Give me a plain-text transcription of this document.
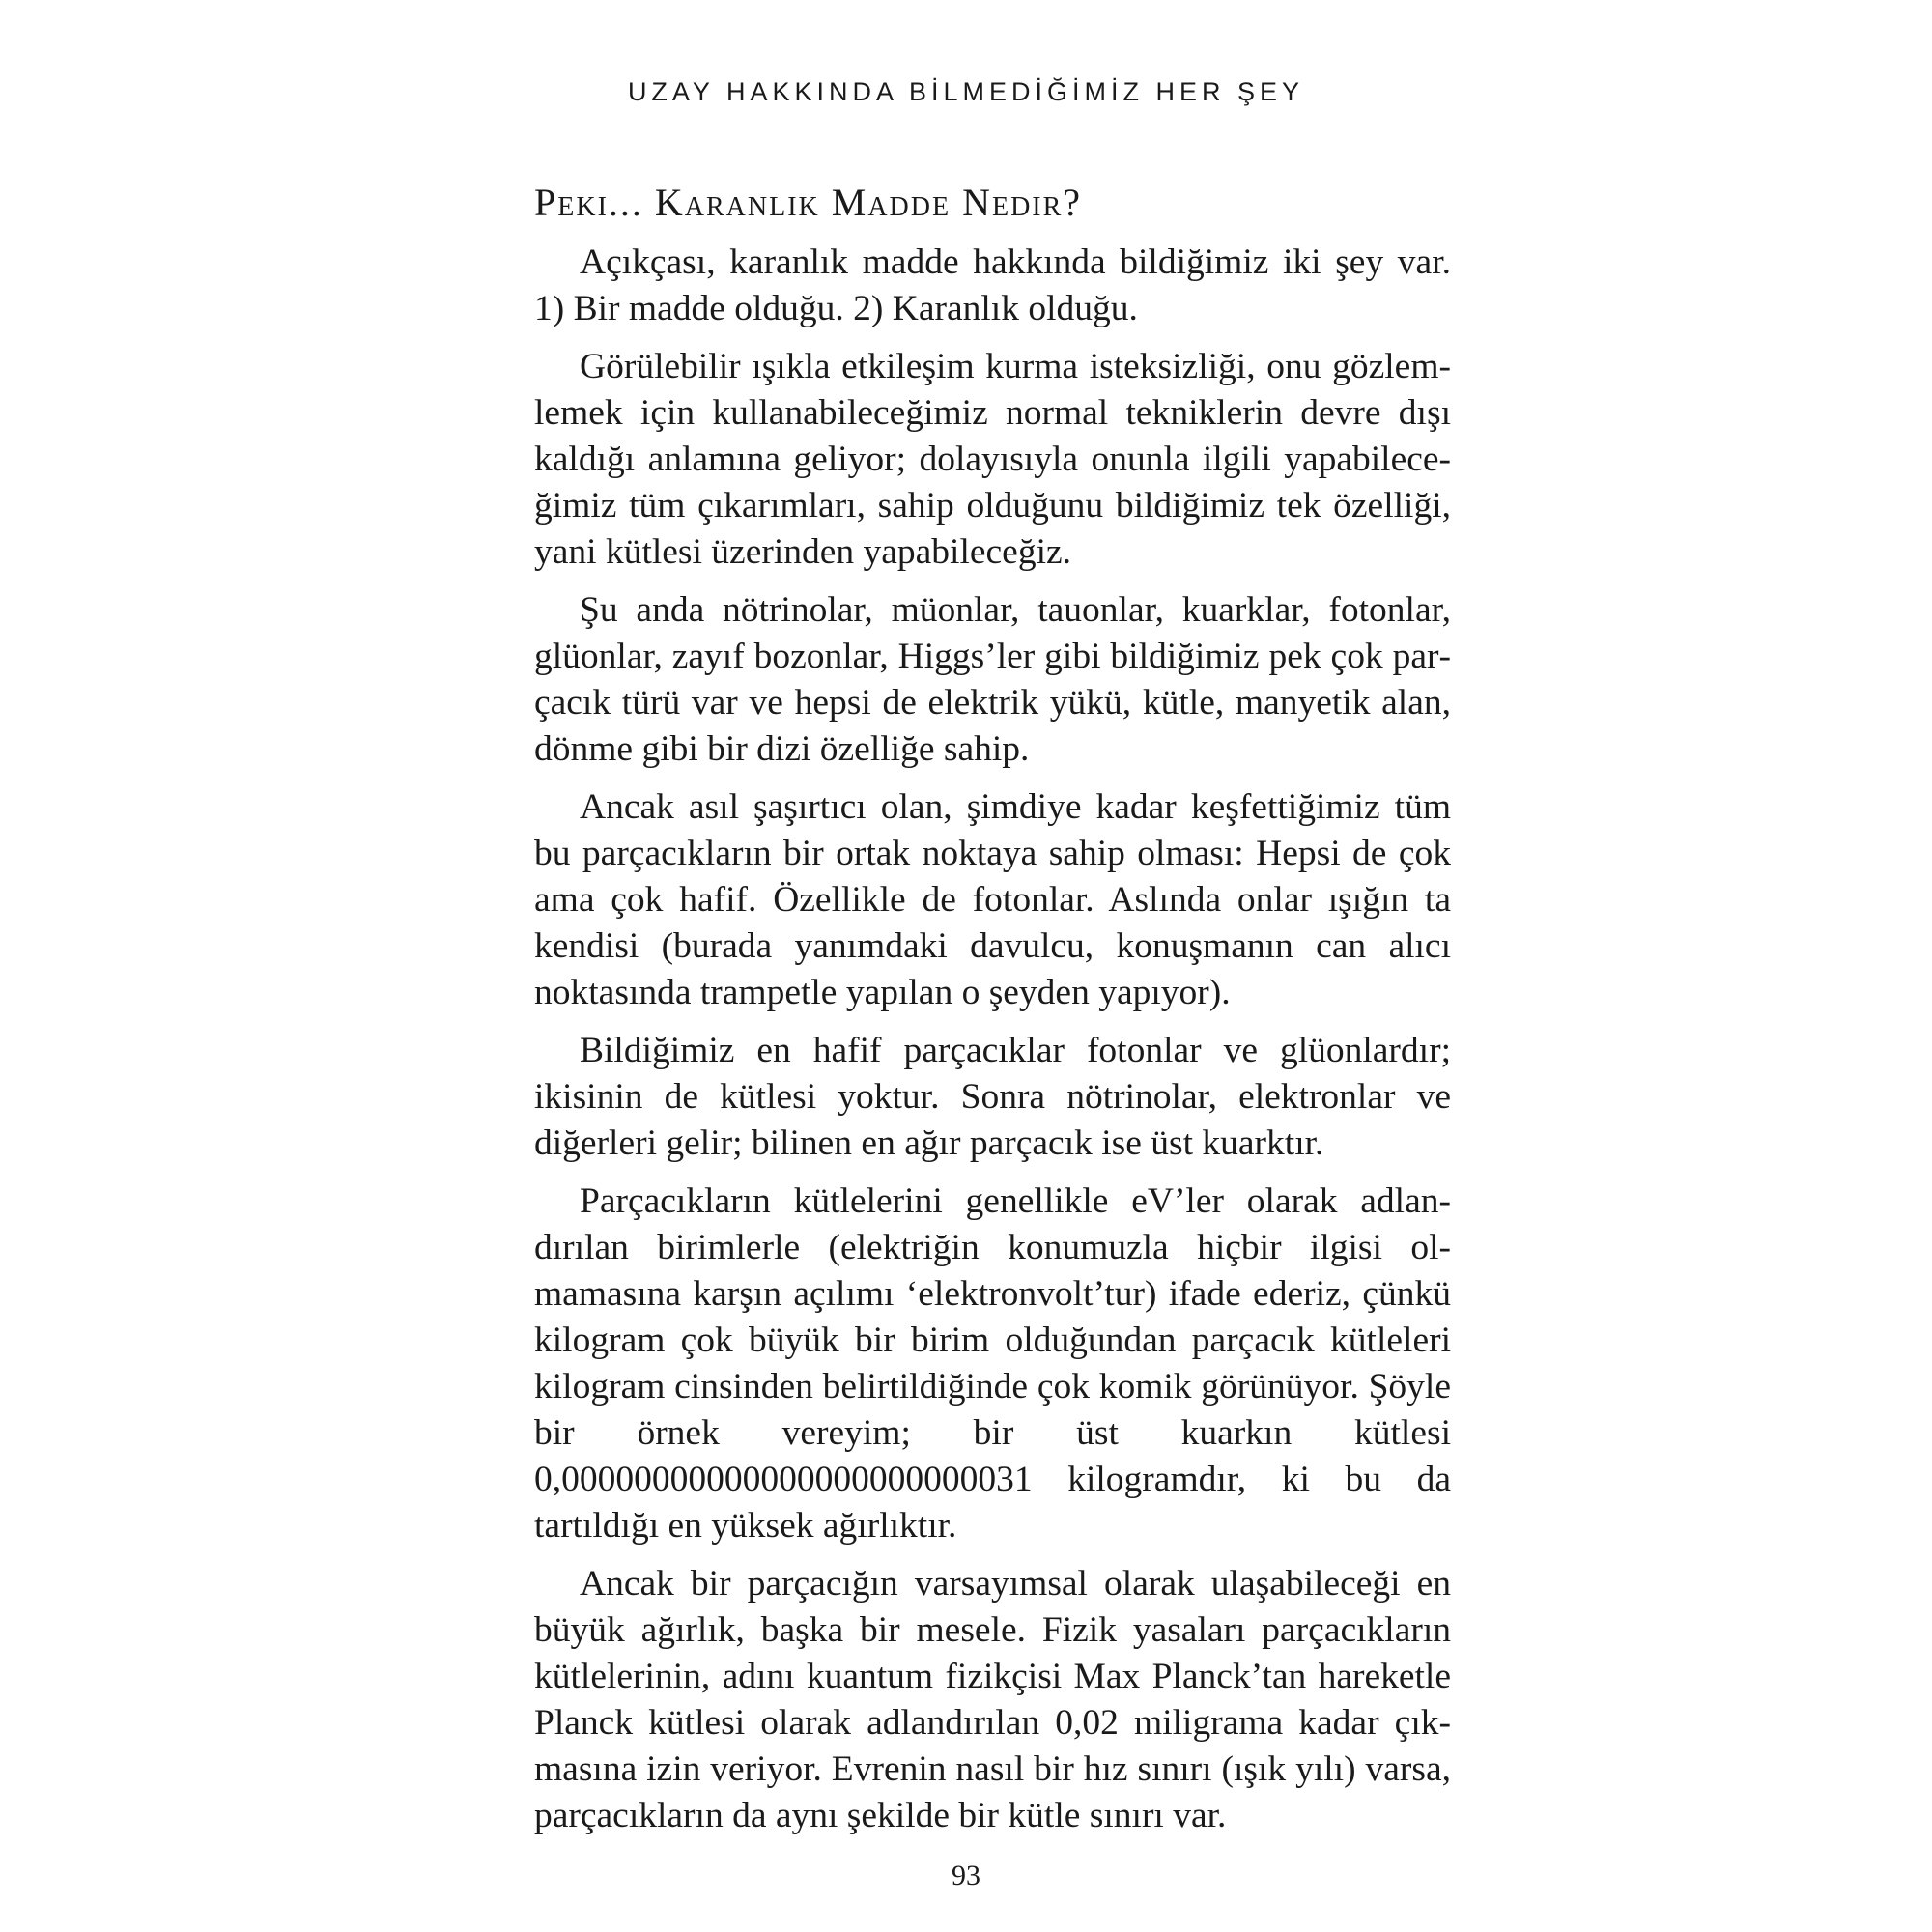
UZAY HAKKINDA BİLMEDİĞİMİZ HER ŞEY
Peki... Karanlık Madde Nedir?

Açıkçası, karanlık madde hakkında bildiğimiz iki şey var. 1) Bir madde olduğu. 2) Karanlık olduğu.

Görülebilir ışıkla etkileşim kurma isteksizliği, onu gözlemlemek için kullanabileceğimiz normal tekniklerin devre dışı kaldığı anlamına geliyor; dolayısıyla onunla ilgili yapabileceğimiz tüm çıkarımları, sahip olduğunu bildiğimiz tek özelliği, yani kütlesi üzerinden yapabileceğiz.

Şu anda nötrinolar, müonlar, tauonlar, kuarklar, fotonlar, glüonlar, zayıf bozonlar, Higgs’ler gibi bildiğimiz pek çok parçacık türü var ve hepsi de elektrik yükü, kütle, manyetik alan, dönme gibi bir dizi özelliğe sahip.

Ancak asıl şaşırtıcı olan, şimdiye kadar keşfettiğimiz tüm bu parçacıkların bir ortak noktaya sahip olması: Hepsi de çok ama çok hafif. Özellikle de fotonlar. Aslında onlar ışığın ta kendisi (burada yanımdaki davulcu, konuşmanın can alıcı noktasında trampetle yapılan o şeyden yapıyor).

Bildiğimiz en hafif parçacıklar fotonlar ve glüonlardır; ikisinin de kütlesi yoktur. Sonra nötrinolar, elektronlar ve diğerleri gelir; bilinen en ağır parçacık ise üst kuarktır.

Parçacıkların kütlelerini genellikle eV’ler olarak adlandırılan birimlerle (elektriğin konumuzla hiçbir ilgisi olmamasına karşın açılımı ‘elektronvolt’tur) ifade ederiz, çünkü kilogram çok büyük bir birim olduğundan parçacık kütleleri kilogram cinsinden belirtildiğinde çok komik görünüyor. Şöyle bir örnek vereyim; bir üst kuarkın kütlesi 0,00000000000000000000000031 kilogramdır, ki bu da tartıldığı en yüksek ağırlıktır.

Ancak bir parçacığın varsayımsal olarak ulaşabileceği en büyük ağırlık, başka bir mesele. Fizik yasaları parçacıkların kütlelerinin, adını kuantum fizikçisi Max Planck’tan hareketle Planck kütlesi olarak adlandırılan 0,02 miligrama kadar çıkmasına izin veriyor. Evrenin nasıl bir hız sınırı (ışık yılı) varsa, parçacıkların da aynı şekilde bir kütle sınırı var.

93
